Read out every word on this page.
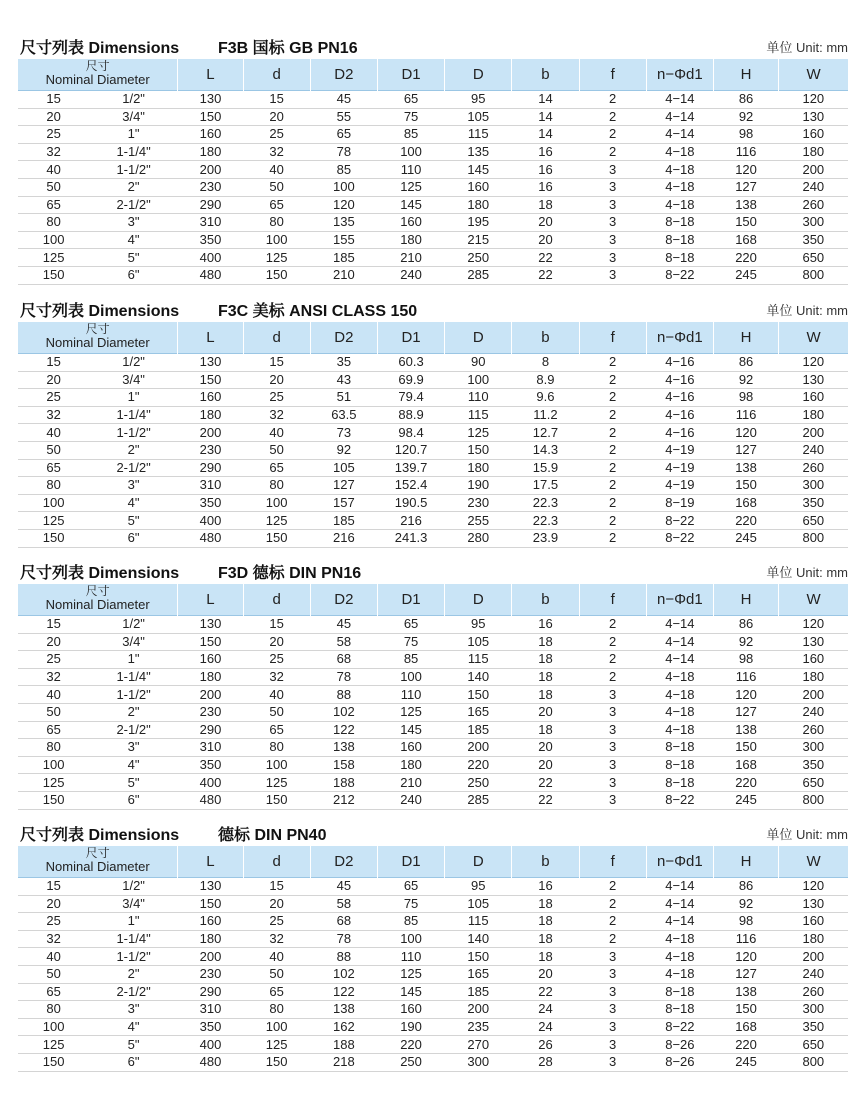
尺寸列表 Dimensions F3B 国标 GB PN16	单位 Unit: mm
尺寸
Nominal Diameter		L	d	D2	D1	D	b	f	n−Φd1	H	W
15	1/2"	130	15	45	65	95	14	2	4−14	86	120
20	3/4"	150	20	55	75	105	14	2	4−14	92	130
25	1"	160	25	65	85	115	14	2	4−14	98	160
32	1-1/4"	180	32	78	100	135	16	2	4−18	116	180
40	1-1/2"	200	40	85	110	145	16	3	4−18	120	200
50	2"	230	50	100	125	160	16	3	4−18	127	240
65	2-1/2"	290	65	120	145	180	18	3	4−18	138	260
80	3"	310	80	135	160	195	20	3	8−18	150	300
100	4"	350	100	155	180	215	20	3	8−18	168	350
125	5"	400	125	185	210	250	22	3	8−18	220	650
150	6"	480	150	210	240	285	22	3	8−22	245	800
尺寸列表 Dimensions F3C 美标 ANSI CLASS 150	单位 Unit: mm
尺寸
Nominal Diameter		L	d	D2	D1	D	b	f	n−Φd1	H	W
15	1/2"	130	15	35	60.3	90	8	2	4−16	86	120
20	3/4"	150	20	43	69.9	100	8.9	2	4−16	92	130
25	1"	160	25	51	79.4	110	9.6	2	4−16	98	160
32	1-1/4"	180	32	63.5	88.9	115	11.2	2	4−16	116	180
40	1-1/2"	200	40	73	98.4	125	12.7	2	4−16	120	200
50	2"	230	50	92	120.7	150	14.3	2	4−19	127	240
65	2-1/2"	290	65	105	139.7	180	15.9	2	4−19	138	260
80	3"	310	80	127	152.4	190	17.5	2	4−19	150	300
100	4"	350	100	157	190.5	230	22.3	2	8−19	168	350
125	5"	400	125	185	216	255	22.3	2	8−22	220	650
150	6"	480	150	216	241.3	280	23.9	2	8−22	245	800
尺寸列表 Dimensions F3D 德标 DIN PN16	单位 Unit: mm
尺寸
Nominal Diameter		L	d	D2	D1	D	b	f	n−Φd1	H	W
15	1/2"	130	15	45	65	95	16	2	4−14	86	120
20	3/4"	150	20	58	75	105	18	2	4−14	92	130
25	1"	160	25	68	85	115	18	2	4−14	98	160
32	1-1/4"	180	32	78	100	140	18	2	4−18	116	180
40	1-1/2"	200	40	88	110	150	18	3	4−18	120	200
50	2"	230	50	102	125	165	20	3	4−18	127	240
65	2-1/2"	290	65	122	145	185	18	3	4−18	138	260
80	3"	310	80	138	160	200	20	3	8−18	150	300
100	4"	350	100	158	180	220	20	3	8−18	168	350
125	5"	400	125	188	210	250	22	3	8−18	220	650
150	6"	480	150	212	240	285	22	3	8−22	245	800
尺寸列表 Dimensions 德标 DIN PN40	单位 Unit: mm
尺寸
Nominal Diameter		L	d	D2	D1	D	b	f	n−Φd1	H	W
15	1/2"	130	15	45	65	95	16	2	4−14	86	120
20	3/4"	150	20	58	75	105	18	2	4−14	92	130
25	1"	160	25	68	85	115	18	2	4−14	98	160
32	1-1/4"	180	32	78	100	140	18	2	4−18	116	180
40	1-1/2"	200	40	88	110	150	18	3	4−18	120	200
50	2"	230	50	102	125	165	20	3	4−18	127	240
65	2-1/2"	290	65	122	145	185	22	3	8−18	138	260
80	3"	310	80	138	160	200	24	3	8−18	150	300
100	4"	350	100	162	190	235	24	3	8−22	168	350
125	5"	400	125	188	220	270	26	3	8−26	220	650
150	6"	480	150	218	250	300	28	3	8−26	245	800
